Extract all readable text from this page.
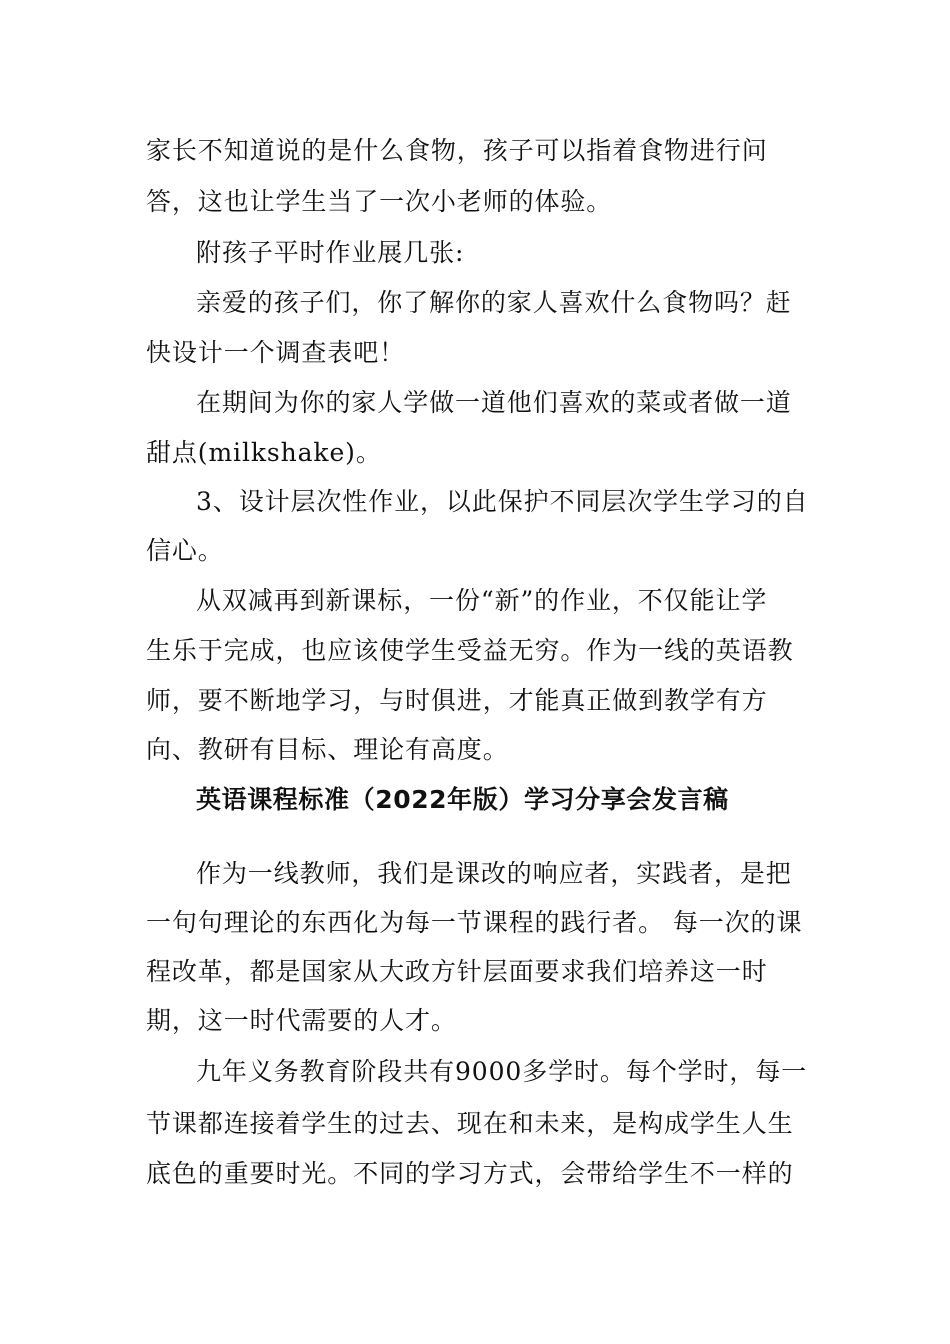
家长不知道说的是什么食物，孩子可以指着食物进行问
答，这也让学生当了一次小老师的体验。
附孩子平时作业展几张:
亲爱的孩子们，你了解你的家人喜欢什么食物吗？赶
快设计一个调查表吧！
在期间为你的家人学做一道他们喜欢的菜或者做一道
甜点(milkshake)。
3、设计层次性作业，以此保护不同层次学生学习的自
信心。
从双减再到新课标，一份“新”的作业，不仅能让学
生乐于完成，也应该使学生受益无穷。作为一线的英语教
师，要不断地学习，与时俱进，才能真正做到教学有方
向、教研有目标、理论有高度。
英语课程标准（2022年版）学习分享会发言稿
作为一线教师，我们是课改的响应者，实践者，是把
一句句理论的东西化为每一节课程的践行者。 每一次的课
程改革，都是国家从大政方针层面要求我们培养这一时
期，这一时代需要的人才。
九年义务教育阶段共有9000多学时。每个学时，每一
节课都连接着学生的过去、现在和未来，是构成学生人生
底色的重要时光。不同的学习方式，会带给学生不一样的
